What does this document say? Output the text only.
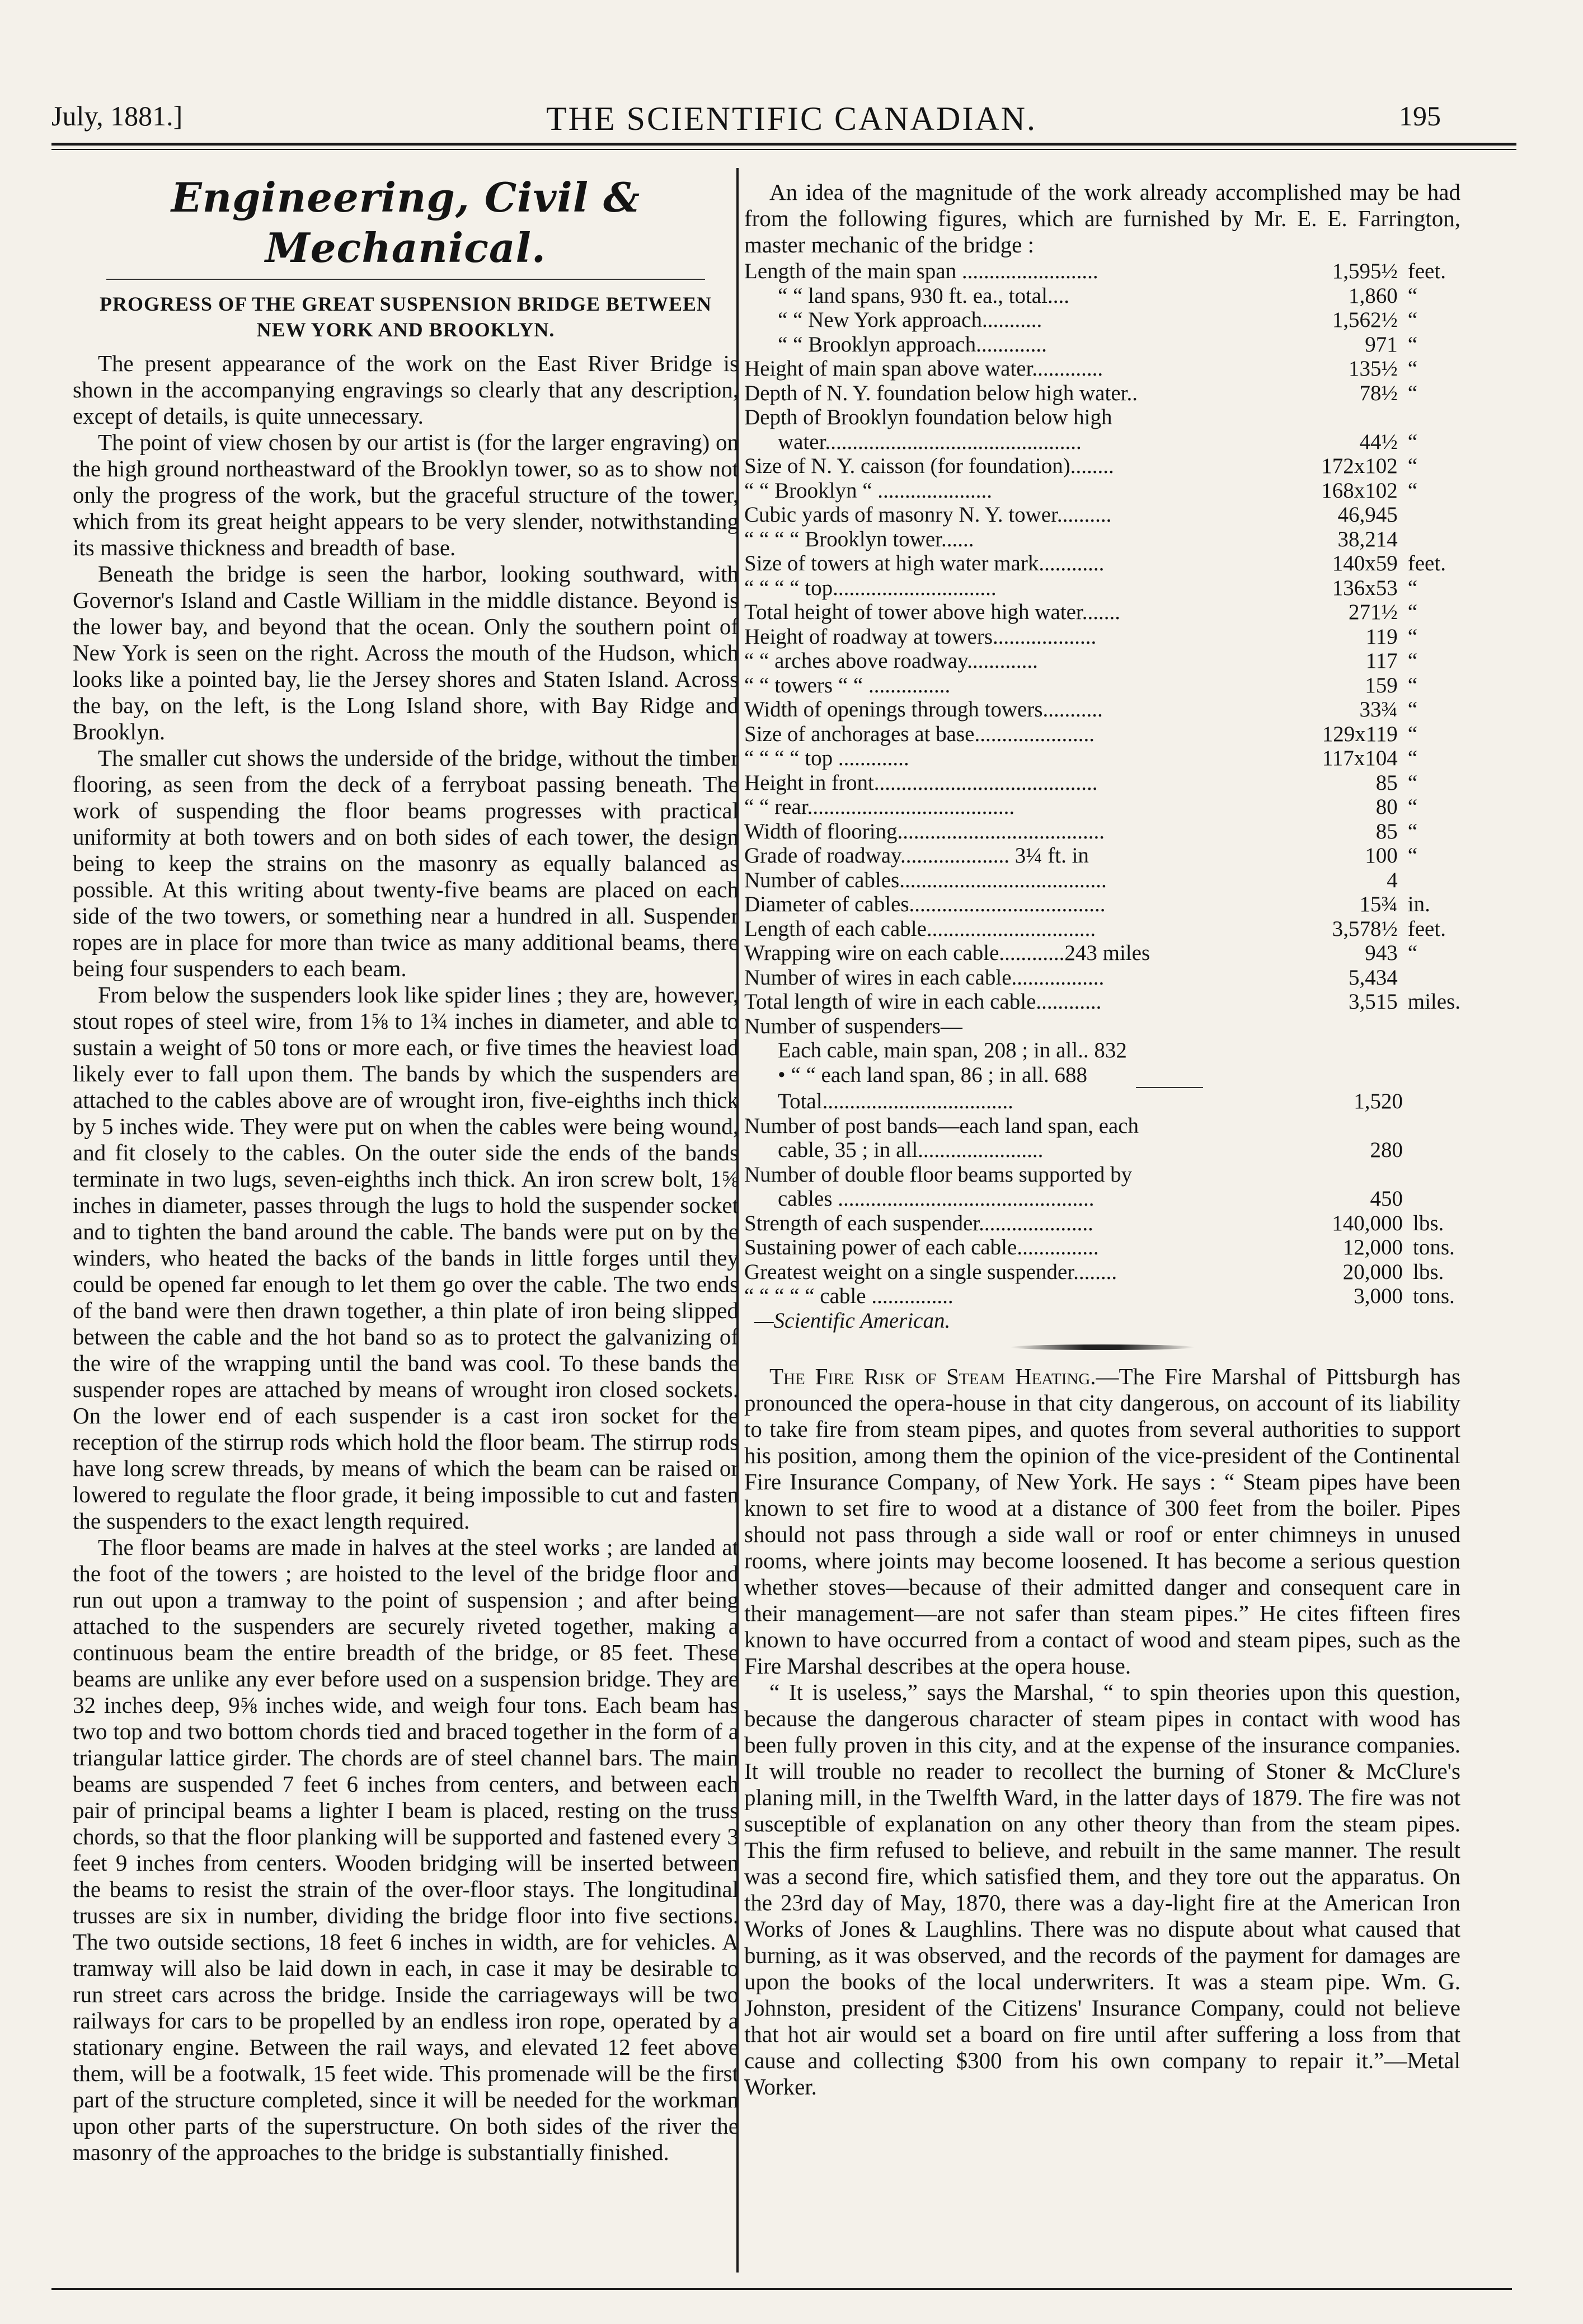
July, 1881.]	THE SCIENTIFIC CANADIAN.	195
Engineering, Civil & Mechanical.
PROGRESS OF THE GREAT SUSPENSION BRIDGE BETWEEN
NEW YORK AND BROOKLYN.

The present appearance of the work on the East River Bridge is shown in the accompanying engravings so clearly that any description, except of details, is quite unnecessary.

The point of view chosen by our artist is (for the larger engraving) on the high ground northeastward of the Brooklyn tower, so as to show not only the progress of the work, but the graceful structure of the tower, which from its great height appears to be very slender, notwithstanding its massive thickness and breadth of base.

Beneath the bridge is seen the harbor, looking southward, with Governor's Island and Castle William in the middle distance. Beyond is the lower bay, and beyond that the ocean. Only the southern point of New York is seen on the right. Across the mouth of the Hudson, which looks like a pointed bay, lie the Jersey shores and Staten Island. Across the bay, on the left, is the Long Island shore, with Bay Ridge and Brooklyn.

The smaller cut shows the underside of the bridge, without the timber flooring, as seen from the deck of a ferryboat passing beneath. The work of suspending the floor beams progresses with practical uniformity at both towers and on both sides of each tower, the design being to keep the strains on the masonry as equally balanced as possible. At this writing about twenty-five beams are placed on each side of the two towers, or something near a hundred in all. Suspender ropes are in place for more than twice as many additional beams, there being four suspenders to each beam.

From below the suspenders look like spider lines ; they are, however, stout ropes of steel wire, from 1⅝ to 1¾ inches in diameter, and able to sustain a weight of 50 tons or more each, or five times the heaviest load likely ever to fall upon them. The bands by which the suspenders are attached to the cables above are of wrought iron, five-eighths inch thick by 5 inches wide. They were put on when the cables were being wound, and fit closely to the cables. On the outer side the ends of the bands terminate in two lugs, seven-eighths inch thick. An iron screw bolt, 1⅝ inches in diameter, passes through the lugs to hold the suspender socket and to tighten the band around the cable. The bands were put on by the winders, who heated the backs of the bands in little forges until they could be opened far enough to let them go over the cable. The two ends of the band were then drawn together, a thin plate of iron being slipped between the cable and the hot band so as to protect the galvanizing of the wire of the wrapping until the band was cool. To these bands the suspender ropes are attached by means of wrought iron closed sockets. On the lower end of each suspender is a cast iron socket for the reception of the stirrup rods which hold the floor beam. The stirrup rods have long screw threads, by means of which the beam can be raised or lowered to regulate the floor grade, it being impossible to cut and fasten the suspenders to the exact length required.

The floor beams are made in halves at the steel works ; are landed at the foot of the towers ; are hoisted to the level of the bridge floor and run out upon a tramway to the point of suspension ; and after being attached to the suspenders are securely riveted together, making a continuous beam the entire breadth of the bridge, or 85 feet. These beams are unlike any ever before used on a suspension bridge. They are 32 inches deep, 9⅝ inches wide, and weigh four tons. Each beam has two top and two bottom chords tied and braced together in the form of a triangular lattice girder. The chords are of steel channel bars. The main beams are suspended 7 feet 6 inches from centers, and between each pair of principal beams a lighter I beam is placed, resting on the truss chords, so that the floor planking will be supported and fastened every 3 feet 9 inches from centers. Wooden bridging will be inserted between the beams to resist the strain of the over-floor stays. The longitudinal trusses are six in number, dividing the bridge floor into five sections. The two outside sections, 18 feet 6 inches in width, are for vehicles. A tramway will also be laid down in each, in case it may be desirable to run street cars across the bridge. Inside the carriageways will be two railways for cars to be propelled by an endless iron rope, operated by a stationary engine. Between the rail ways, and elevated 12 feet above them, will be a footwalk, 15 feet wide. This promenade will be the first part of the structure completed, since it will be needed for the workman upon other parts of the superstructure. On both sides of the river the masonry of the approaches to the bridge is substantially finished.

An idea of the magnitude of the work already accomplished may be had from the following figures, which are furnished by Mr. E. E. Farrington, master mechanic of the bridge :

Length of the main span .........................	1,595½	feet.
“ “ land spans, 930 ft. ea., total....	1,860	“
“ “ New York approach...........	1,562½	“
“ “ Brooklyn approach.............	971	“
Height of main span above water.............	135½	“
Depth of N. Y. foundation below high water..	78½	“
Depth of Brooklyn foundation below high		
water...............................................	44½	“
Size of N. Y. caisson (for foundation)........	172x102	“
“ “ Brooklyn “ .....................	168x102	“
Cubic yards of masonry N. Y. tower..........	46,945	
“ “ “ “ Brooklyn tower......	38,214	
Size of towers at high water mark............	140x59	feet.
“ “ “ “ top..............................	136x53	“
Total height of tower above high water.......	271½	“
Height of roadway at towers...................	119	“
“ “ arches above roadway.............	117	“
“ “ towers “ “ ...............	159	“
Width of openings through towers...........	33¾	“
Size of anchorages at base......................	129x119	“
“ “ “ “ top .............	117x104	“
Height in front.........................................	85	“
“ “ rear......................................	80	“
Width of flooring......................................	85	“
Grade of roadway.................... 3¼ ft. in	100	“
Number of cables......................................	4	
Diameter of cables....................................	15¾	in.
Length of each cable...............................	3,578½	feet.
Wrapping wire on each cable............243 miles	943	“
Number of wires in each cable.................	5,434	
Total length of wire in each cable............	3,515	miles.
Number of suspenders—		
Each cable, main span, 208 ; in all.. 832		
• “ “ each land span, 86 ; in all. 688		
Total...................................	1,520	
Number of post bands—each land span, each		
cable, 35 ; in all.......................	280	
Number of double floor beams supported by		
cables ...............................................	450	
Strength of each suspender.....................	140,000	lbs.
Sustaining power of each cable...............	12,000	tons.
Greatest weight on a single suspender........	20,000	lbs.
“ “ “ “ “ cable ...............	3,000	tons.
—Scientific American.

The Fire Risk of Steam Heating.—The Fire Marshal of Pittsburgh has pronounced the opera-house in that city dangerous, on account of its liability to take fire from steam pipes, and quotes from several authorities to support his position, among them the opinion of the vice-president of the Continental Fire Insurance Company, of New York. He says : “ Steam pipes have been known to set fire to wood at a distance of 300 feet from the boiler. Pipes should not pass through a side wall or roof or enter chimneys in unused rooms, where joints may become loosened. It has become a serious question whether stoves—because of their admitted danger and consequent care in their management—are not safer than steam pipes.” He cites fifteen fires known to have occurred from a contact of wood and steam pipes, such as the Fire Marshal describes at the opera house.

“ It is useless,” says the Marshal, “ to spin theories upon this question, because the dangerous character of steam pipes in contact with wood has been fully proven in this city, and at the expense of the insurance companies. It will trouble no reader to recollect the burning of Stoner & McClure's planing mill, in the Twelfth Ward, in the latter days of 1879. The fire was not susceptible of explanation on any other theory than from the steam pipes. This the firm refused to believe, and rebuilt in the same manner. The result was a second fire, which satisfied them, and they tore out the apparatus. On the 23rd day of May, 1870, there was a day-light fire at the American Iron Works of Jones & Laughlins. There was no dispute about what caused that burning, as it was observed, and the records of the payment for damages are upon the books of the local underwriters. It was a steam pipe. Wm. G. Johnston, president of the Citizens' Insurance Company, could not believe that hot air would set a board on fire until after suffering a loss from that cause and collecting $300 from his own company to repair it.”—Metal Worker.
